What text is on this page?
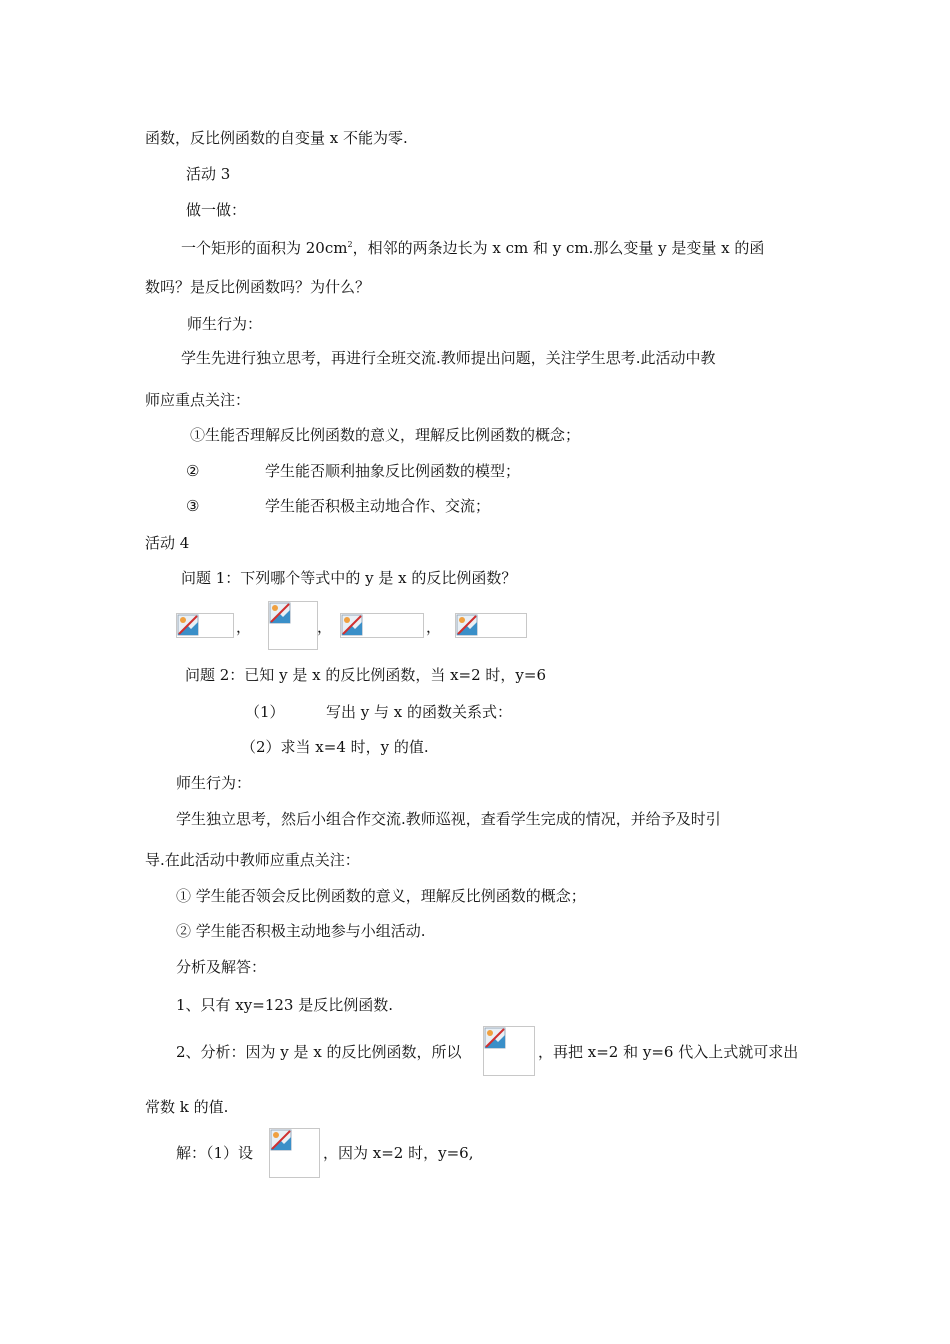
函数，反比例函数的自变量 x 不能为零.
活动 3
做一做：
一个矩形的面积为 $20cm^2$，相邻的两条边长为 x cm 和 y cm.那么变量 y 是变量 x 的函
数吗？是反比例函数吗？为什么？
师生行为：
学生先进行独立思考，再进行全班交流.教师提出问题，关注学生思考.此活动中教
师应重点关注：
①生能否理解反比例函数的意义，理解反比例函数的概念；
②	学生能否顺利抽象反比例函数的模型；
③	学生能否积极主动地合作、交流；
活动 4
问题 1：下列哪个等式中的 y 是 x 的反比例函数？
，	，	，
问题 2：已知 y 是 x 的反比例函数，当 x=2 时，y=6
（1）	写出 y 与 x 的函数关系式：
（2）求当 x=4 时，y 的值.
师生行为：
学生独立思考，然后小组合作交流.教师巡视，查看学生完成的情况，并给予及时引
导.在此活动中教师应重点关注：
① 学生能否领会反比例函数的意义，理解反比例函数的概念；
② 学生能否积极主动地参与小组活动.
分析及解答：
1、只有 xy=123 是反比例函数.
2、分析：因为 y 是 x 的反比例函数，所以	，再把 x=2 和 y=6 代入上式就可求出
常数 k 的值.
解：（1）设	，因为 x=2 时，y=6,
